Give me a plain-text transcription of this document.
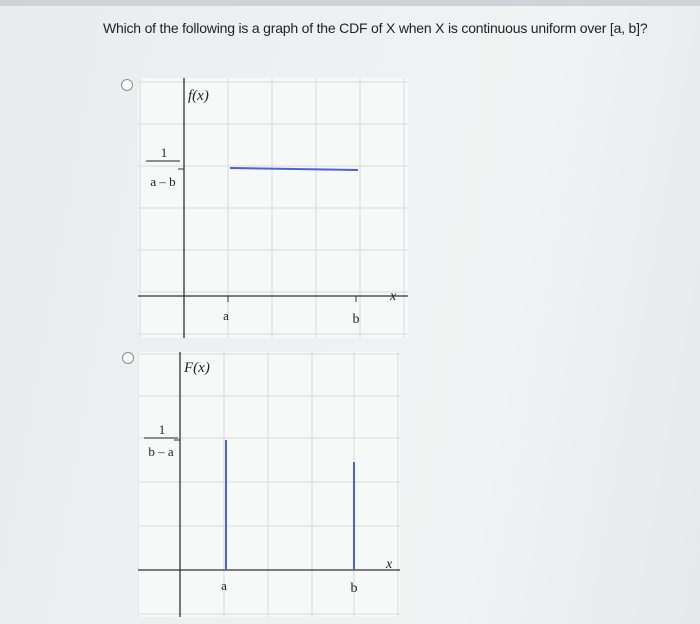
Which of the following is a graph of the CDF of X when X is continuous uniform over [a, b]?
f(x)
1
a – b
x
a	b
F(x)
1
b – a
x
a	b
